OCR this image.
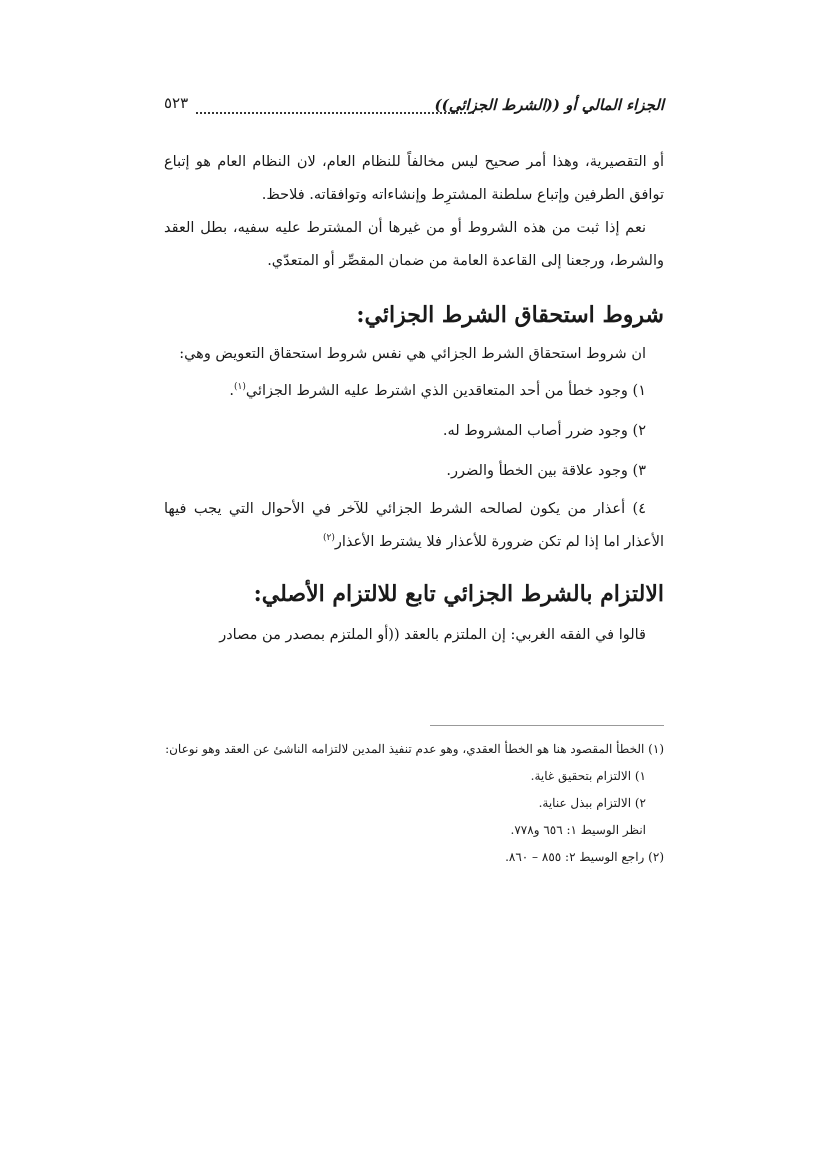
الجزاء المالي أو ((الشرط الجزائي))
٥٢٣

أو التقصيرية، وهذا أمر صحيح ليس مخالفاً للنظام العام، لان النظام العام هو إتباع توافق الطرفين وإتباع سلطنة المشترِط وإنشاءاته وتوافقاته. فلاحظ.

نعم إذا ثبت من هذه الشروط أو من غيرها أن المشترط عليه سفيه، بطل العقد والشرط، ورجعنا إلى القاعدة العامة من ضمان المقصِّر أو المتعدّي.

شروط استحقاق الشرط الجزائي:

ان شروط استحقاق الشرط الجزائي هي نفس شروط استحقاق التعويض وهي:

١) وجود خطأ من أحد المتعاقدين الذي اشترط عليه الشرط الجزائي$^{(١)}$.

٢) وجود ضرر أصاب المشروط له.

٣) وجود علاقة بين الخطأ والضرر.

٤) أعذار من يكون لصالحه الشرط الجزائي للآخر في الأحوال التي يجب فيها الأعذار اما إذا لم تكن ضرورة للأعذار فلا يشترط الأعذار$^{(٢)}$

الالتزام بالشرط الجزائي تابع للالتزام الأصلي:

قالوا في الفقه الغربي: إن الملتزم بالعقد ((أو الملتزم بمصدر من مصادر

(١) الخطأ المقصود هنا هو الخطأ العقدي، وهو عدم تنفيذ المدين لالتزامه الناشئ عن العقد وهو نوعان:
١) الالتزام بتحقيق غاية.
٢) الالتزام ببذل عناية.
انظر الوسيط ١: ٦٥٦ و٧٧٨.
(٢) راجع الوسيط ٢: ٨٥٥ – ٨٦٠.
